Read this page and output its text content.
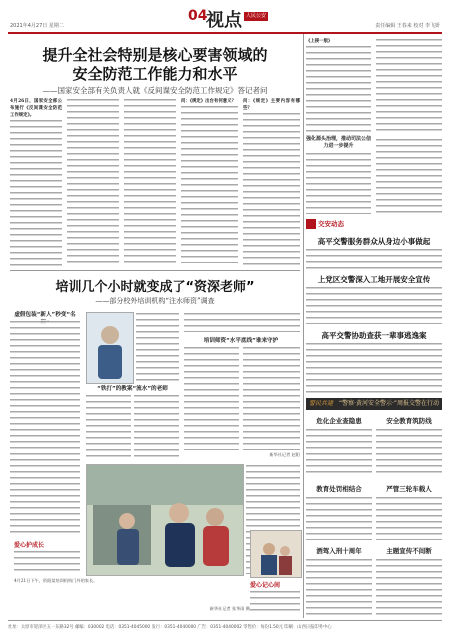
2021年4月27日 星期二
04
视点 人民公安报	责任编辑 王春来 校对 李飞妍
提升全社会特别是核心要害领域的
安全防范工作能力和水平
——国家安全部有关负责人就《反间谍安全防范工作规定》答记者问
4月26日，国家安全部公布施行《反间谍安全防范工作规定》。
问：《规定》出台有何意义？	问：《规定》主要内容有哪些？
培训几个小时就变成了“资深老师”
——部分校外培训机构“注水师资”调查
虚假包装“新人”秒变“名
“铁打”的教案“流水”的老师
培训师资“水平底线”谁来守护
新华社记者 赵阳
4月21日下午，资阳某培训机构门外的家长。
新华社记者 张华雨 摄
爱心护成长
爱心记心间
《上接一版》
强化源头治理，推动司法公信力进一步提升
交安动态
高平交警服务群众从身边小事做起
上党区交警深入工地开展安全宣传
高平交警协助查获一辈事逃逸案
警民共建 “警察·黄河安全警示·”周报交警在行动
危化企业查隐患	安全教育筑防线
教育处罚相结合	严管三轮车载人
酒驾入刑十周年	主题宣传不间断
社址：太原市迎泽区五一东路32号 邮编：030002 电话：0351-4045000 发行：0351-4040000 广告：0351-4040002 零售价：每份1.50元 印刷：山西日报印务中心
